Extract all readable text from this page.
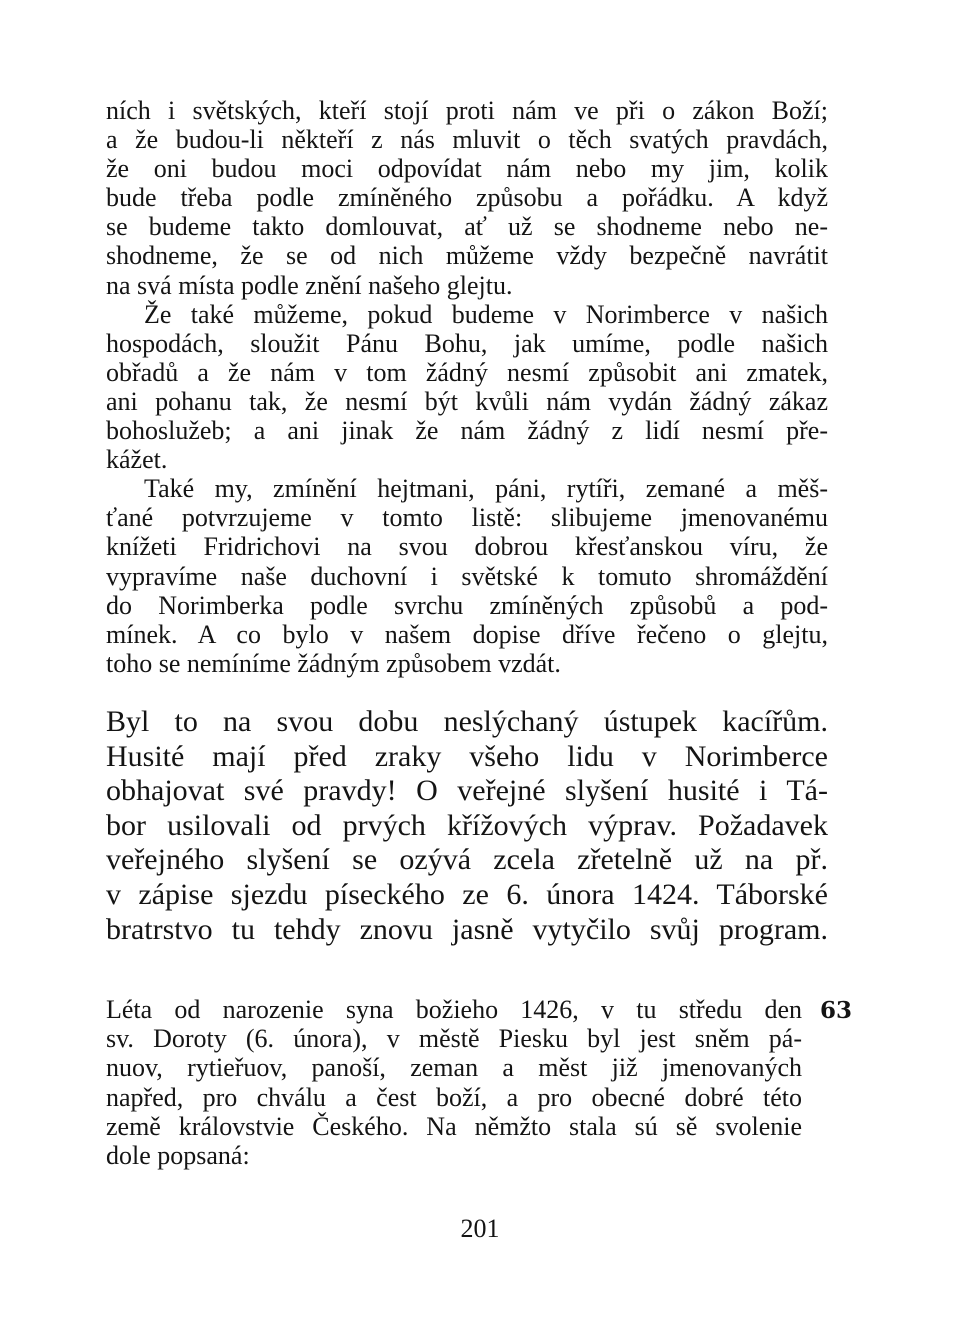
ních i světských, kteří stojí proti nám ve při o zákon Boží;
a že budou-li někteří z nás mluvit o těch svatých pravdách,
že oni budou moci odpovídat nám nebo my jim, kolik
bude třeba podle zmíněného způsobu a pořádku. A když
se budeme takto domlouvat, ať už se shodneme nebo ne-
shodneme, že se od nich můžeme vždy bezpečně navrátit
na svá místa podle znění našeho glejtu.
Že také můžeme, pokud budeme v Norimberce v našich
hospodách, sloužit Pánu Bohu, jak umíme, podle našich
obřadů a že nám v tom žádný nesmí způsobit ani zmatek,
ani pohanu tak, že nesmí být kvůli nám vydán žádný zákaz
bohoslužeb; a ani jinak že nám žádný z lidí nesmí pře-
kážet.
Také my, zmínění hejtmani, páni, rytíři, zemané a měš-
ťané potvrzujeme v tomto listě: slibujeme jmenovanému
knížeti Fridrichovi na svou dobrou křesťanskou víru, že
vypravíme naše duchovní i světské k tomuto shromáždění
do Norimberka podle svrchu zmíněných způsobů a pod-
mínek. A co bylo v našem dopise dříve řečeno o glejtu,
toho se nemíníme žádným způsobem vzdát.
Byl to na svou dobu neslýchaný ústupek kacířům.
Husité mají před zraky všeho lidu v Norimberce
obhajovat své pravdy! O veřejné slyšení husité i Tá-
bor usilovali od prvých křížových výprav. Požadavek
veřejného slyšení se ozývá zcela zřetelně už na př.
v zápise sjezdu píseckého ze 6. února 1424. Táborské
bratrstvo tu tehdy znovu jasně vytyčilo svůj program.
Léta od narozenie syna božieho 1426, v tu středu den
sv. Doroty (6. února), v městě Piesku byl jest sněm pá-
nuov, rytieřuov, panoší, zeman a měst již jmenovaných
napřed, pro chválu a čest boží, a pro obecné dobré této
země královstvie Českého. Na němžto stala sú sě svolenie
dole popsaná:
63
201
